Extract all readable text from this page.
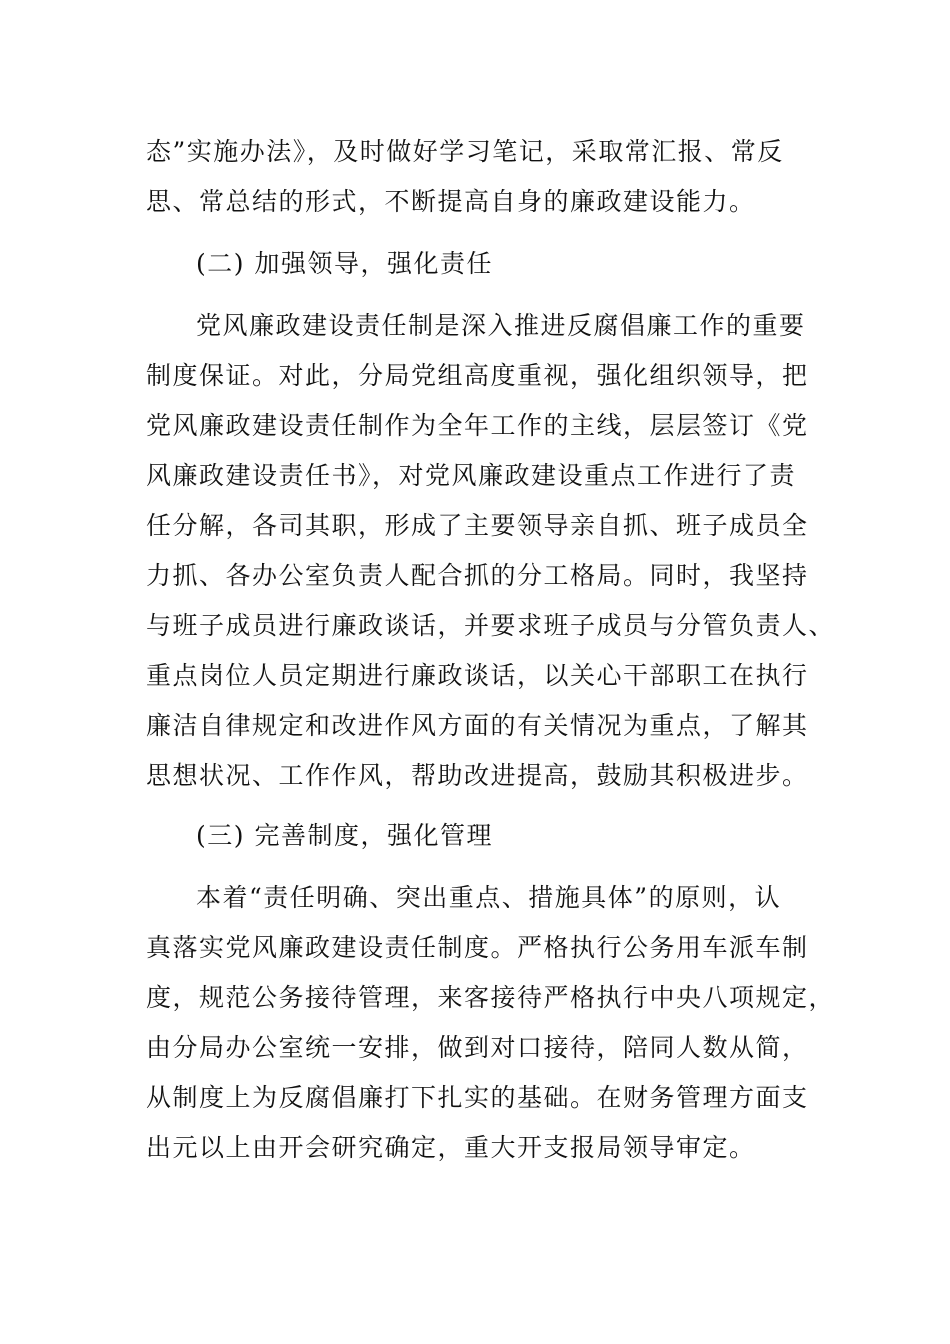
态”实施办法》，及时做好学习笔记，采取常汇报、常反
思、常总结的形式，不断提高自身的廉政建设能力。
(二) 加强领导，强化责任
党风廉政建设责任制是深入推进反腐倡廉工作的重要
制度保证。对此，分局党组高度重视，强化组织领导，把
党风廉政建设责任制作为全年工作的主线，层层签订《党
风廉政建设责任书》，对党风廉政建设重点工作进行了责
任分解，各司其职，形成了主要领导亲自抓、班子成员全
力抓、各办公室负责人配合抓的分工格局。同时，我坚持
与班子成员进行廉政谈话，并要求班子成员与分管负责人、
重点岗位人员定期进行廉政谈话，以关心干部职工在执行
廉洁自律规定和改进作风方面的有关情况为重点，了解其
思想状况、工作作风，帮助改进提高，鼓励其积极进步。
(三) 完善制度，强化管理
本着“责任明确、突出重点、措施具体”的原则，认
真落实党风廉政建设责任制度。严格执行公务用车派车制
度，规范公务接待管理，来客接待严格执行中央八项规定，
由分局办公室统一安排，做到对口接待，陪同人数从简，
从制度上为反腐倡廉打下扎实的基础。在财务管理方面支
出元以上由开会研究确定，重大开支报局领导审定。
